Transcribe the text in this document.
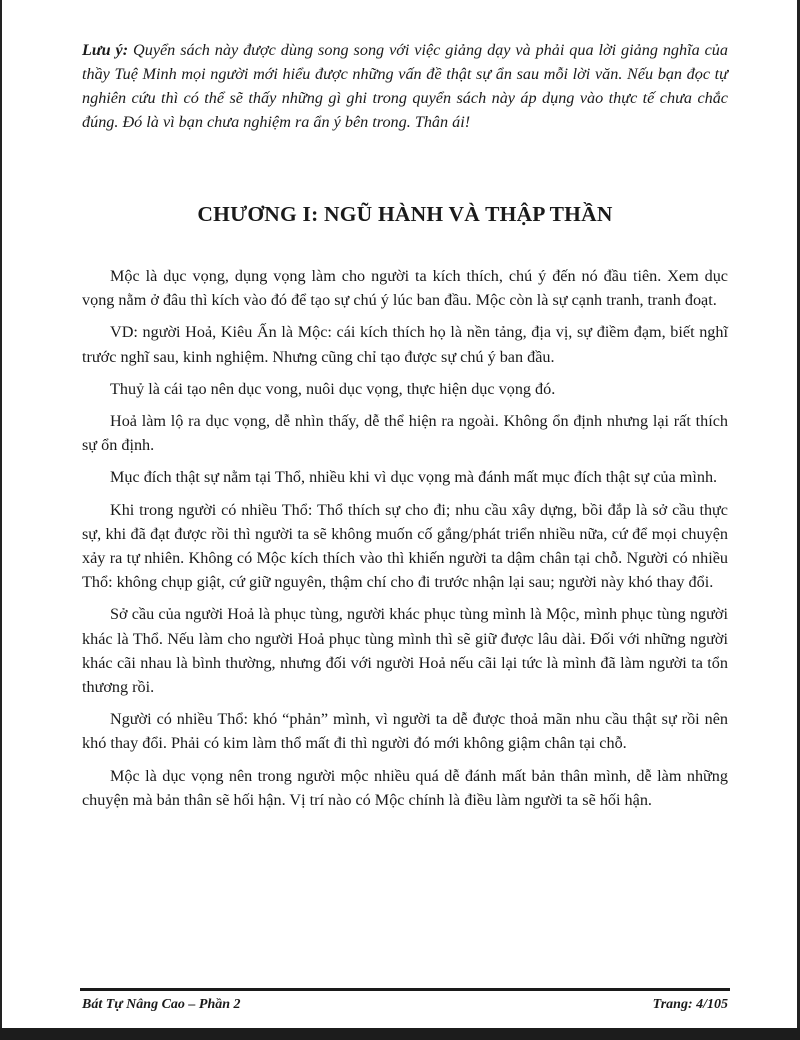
Lưu ý: Quyển sách này được dùng song song với việc giảng dạy và phải qua lời giảng nghĩa của thầy Tuệ Minh mọi người mới hiểu được những vấn đề thật sự ẩn sau mỗi lời văn. Nếu bạn đọc tự nghiên cứu thì có thể sẽ thấy những gì ghi trong quyển sách này áp dụng vào thực tế chưa chắc đúng. Đó là vì bạn chưa nghiệm ra ẩn ý bên trong. Thân ái!

CHƯƠNG I: NGŨ HÀNH VÀ THẬP THẦN

Mộc là dục vọng, dụng vọng làm cho người ta kích thích, chú ý đến nó đầu tiên. Xem dục vọng nằm ở đâu thì kích vào đó để tạo sự chú ý lúc ban đầu. Mộc còn là sự cạnh tranh, tranh đoạt.

VD: người Hoả, Kiêu Ấn là Mộc: cái kích thích họ là nền tảng, địa vị, sự điềm đạm, biết nghĩ trước nghĩ sau, kinh nghiệm. Nhưng cũng chỉ tạo được sự chú ý ban đầu.

Thuỷ là cái tạo nên dục vong, nuôi dục vọng, thực hiện dục vọng đó.

Hoả làm lộ ra dục vọng, dễ nhìn thấy, dễ thể hiện ra ngoài. Không ổn định nhưng lại rất thích sự ổn định.

Mục đích thật sự nằm tại Thổ, nhiều khi vì dục vọng mà đánh mất mục đích thật sự của mình.

Khi trong người có nhiều Thổ: Thổ thích sự cho đi; nhu cầu xây dựng, bồi đắp là sở cầu thực sự, khi đã đạt được rồi thì người ta sẽ không muốn cố gắng/phát triển nhiều nữa, cứ để mọi chuyện xảy ra tự nhiên. Không có Mộc kích thích vào thì khiến người ta dậm chân tại chỗ. Người có nhiều Thổ: không chụp giật, cứ giữ nguyên, thậm chí cho đi trước nhận lại sau; người này khó thay đổi.

Sở cầu của người Hoả là phục tùng, người khác phục tùng mình là Mộc, mình phục tùng người khác là Thổ. Nếu làm cho người Hoả phục tùng mình thì sẽ giữ được lâu dài. Đối với những người khác cãi nhau là bình thường, nhưng đối với người Hoả nếu cãi lại tức là mình đã làm người ta tổn thương rồi.

Người có nhiều Thổ: khó “phản” mình, vì người ta dễ được thoả mãn nhu cầu thật sự rồi nên khó thay đổi. Phải có kim làm thổ mất đi thì người đó mới không giậm chân tại chỗ.

Mộc là dục vọng nên trong người mộc nhiều quá dễ đánh mất bản thân mình, dễ làm những chuyện mà bản thân sẽ hối hận. Vị trí nào có Mộc chính là điều làm người ta sẽ hối hận.

Bát Tự Nâng Cao – Phần 2	Trang: 4/105
